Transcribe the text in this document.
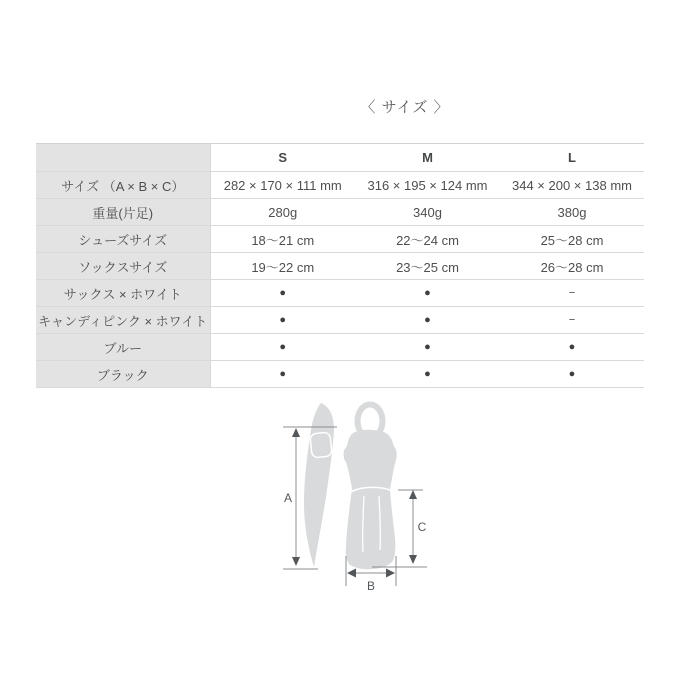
〈 サイズ 〉
	S	M	L
サイズ （A × B × C）	282 × 170 × 111 mm	316 × 195 × 124 mm	344 × 200 × 138 mm
重量(片足)	280g	340g	380g
シューズサイズ	18～21 cm	22～24 cm	25～28 cm
ソックスサイズ	19～22 cm	23～25 cm	26～28 cm
サックス × ホワイト	●	●	−
キャンディピンク × ホワイト	●	●	−
ブルー	●	●	●
ブラック	●	●	●
A
C
B
